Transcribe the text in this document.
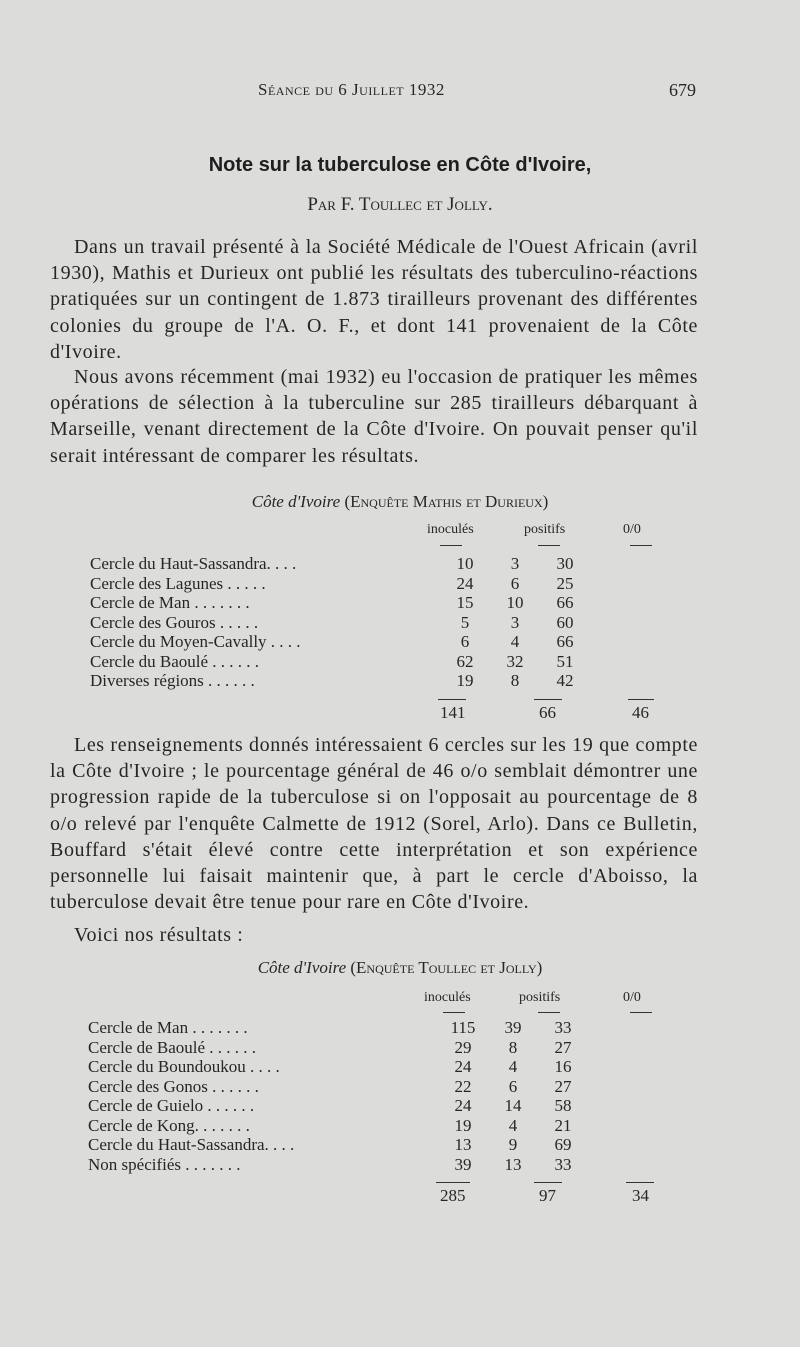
Séance du 6 Juillet 1932	679
Note sur la tuberculose en Côte d'Ivoire,
Par F. Toullec et Jolly.

Dans un travail présenté à la Société Médicale de l'Ouest Africain (avril 1930), Mathis et Durieux ont publié les résultats des tuberculino-réactions pratiquées sur un contingent de 1.873 tirailleurs provenant des différentes colonies du groupe de l'A. O. F., et dont 141 provenaient de la Côte d'Ivoire.

Nous avons récemment (mai 1932) eu l'occasion de pratiquer les mêmes opérations de sélection à la tuberculine sur 285 tirailleurs débarquant à Marseille, venant directement de la Côte d'Ivoire. On pouvait penser qu'il serait intéressant de comparer les résultats.

Côte d'Ivoire (Enquête Mathis et Durieux)
inoculés	positifs	0/0
Cercle du Haut-Sassandra. . . .	10	3	30
Cercle des Lagunes . . . . .	24	6	25
Cercle de Man . . . . . . .	15	10	66
Cercle des Gouros . . . . .	5	3	60
Cercle du Moyen-Cavally . . . .	6	4	66
Cercle du Baoulé . . . . . .	62	32	51
Diverses régions . . . . . .	19	8	42
141	66	46

Les renseignements donnés intéressaient 6 cercles sur les 19 que compte la Côte d'Ivoire ; le pourcentage général de 46 o/o semblait démontrer une progression rapide de la tuberculose si on l'opposait au pourcentage de 8 o/o relevé par l'enquête Calmette de 1912 (Sorel, Arlo). Dans ce Bulletin, Bouffard s'était élevé contre cette interprétation et son expérience personnelle lui faisait maintenir que, à part le cercle d'Aboisso, la tuberculose devait être tenue pour rare en Côte d'Ivoire.

Voici nos résultats :

Côte d'Ivoire (Enquête Toullec et Jolly)
inoculés	positifs	0/0
Cercle de Man . . . . . . .	115	39	33
Cercle de Baoulé . . . . . .	29	8	27
Cercle du Boundoukou . . . .	24	4	16
Cercle des Gonos . . . . . .	22	6	27
Cercle de Guielo . . . . . .	24	14	58
Cercle de Kong. . . . . . .	19	4	21
Cercle du Haut-Sassandra. . . .	13	9	69
Non spécifiés . . . . . . .	39	13	33
285	97	34
